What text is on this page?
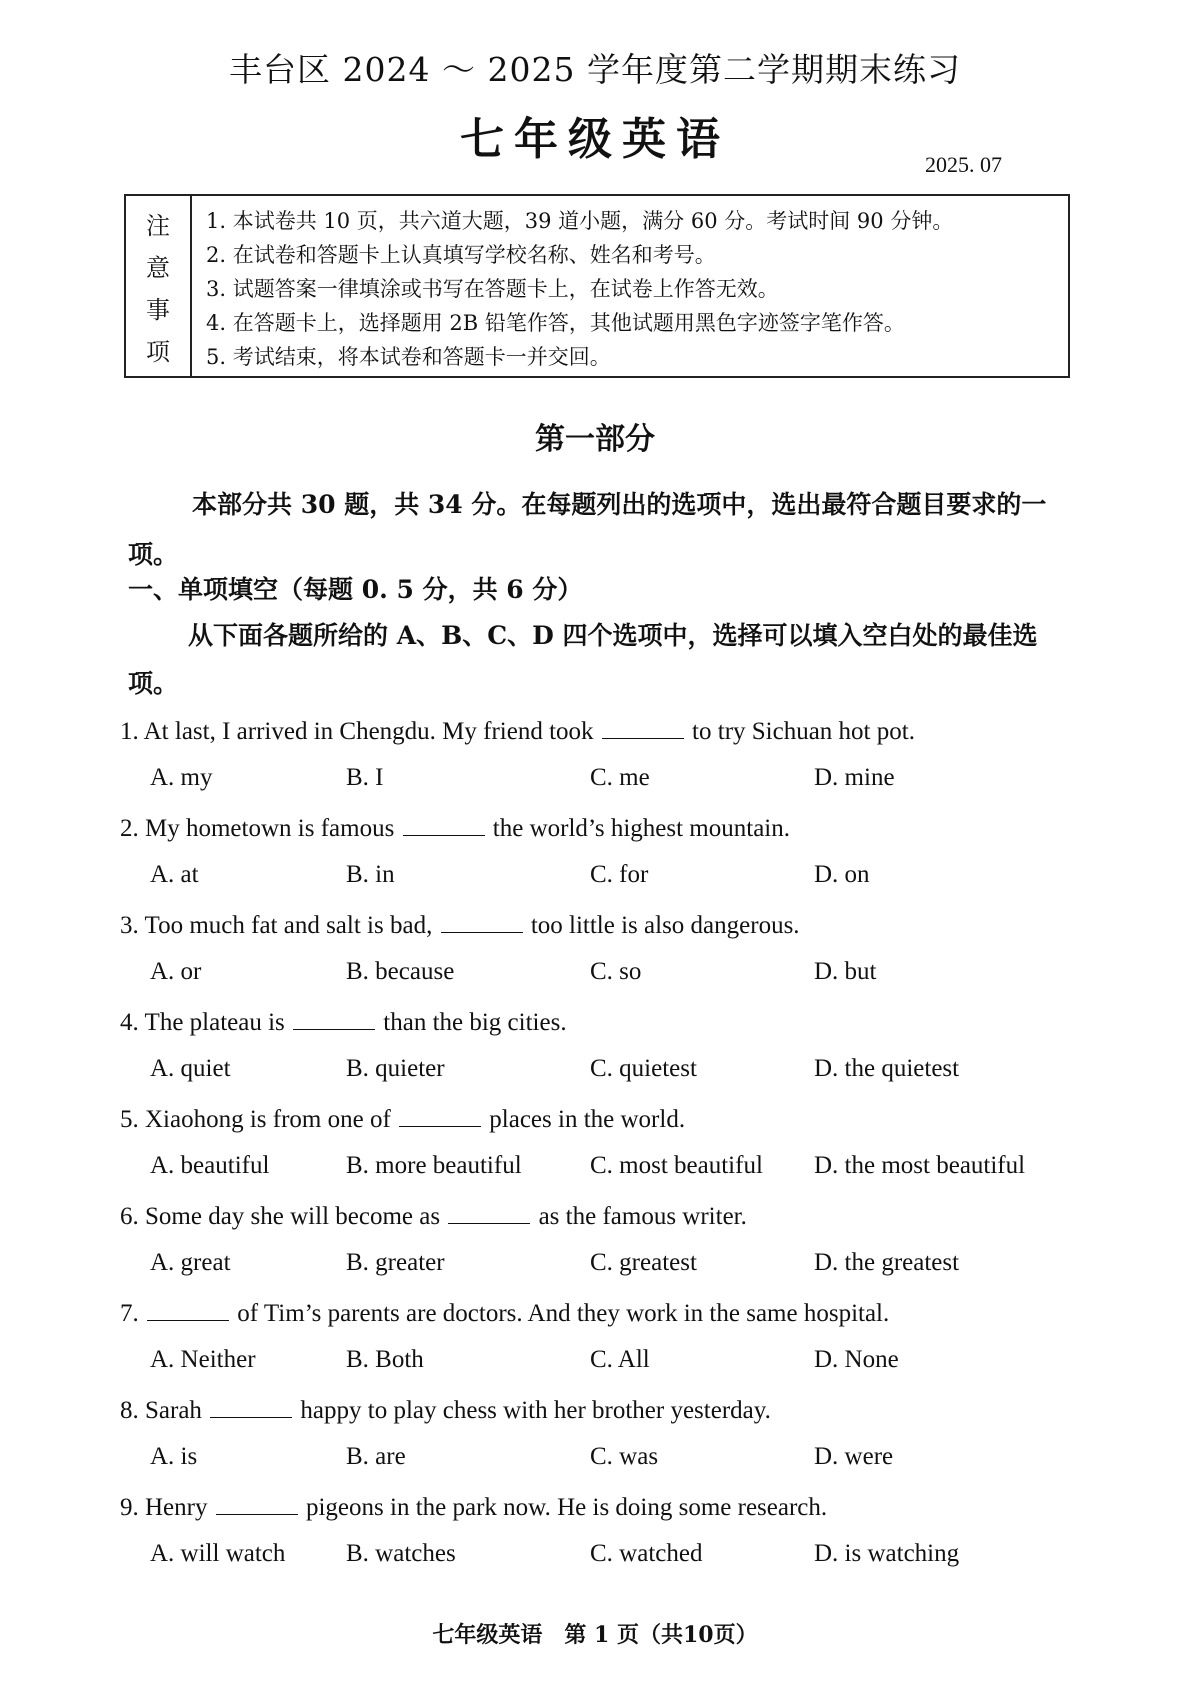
丰台区 2024 ～ 2025 学年度第二学期期末练习
七年级英语	2025. 07
注
意
事
项
1. 本试卷共 10 页，共六道大题，39 道小题，满分 60 分。考试时间 90 分钟。
2. 在试卷和答题卡上认真填写学校名称、姓名和考号。
3. 试题答案一律填涂或书写在答题卡上，在试卷上作答无效。
4. 在答题卡上，选择题用 2B 铅笔作答，其他试题用黑色字迹签字笔作答。
5. 考试结束，将本试卷和答题卡一并交回。
第一部分
本部分共 30 题，共 34 分。在每题列出的选项中，选出最符合题目要求的一项。
一、单项填空（每题 0. 5 分，共 6 分）
从下面各题所给的 A、B、C、D 四个选项中，选择可以填入空白处的最佳选项。
1. At last, I arrived in Chengdu. My friend took	to try Sichuan hot pot.
A. my	B. I	C. me	D. mine
2. My hometown is famous	the world’s highest mountain.
A. at	B. in	C. for	D. on
3. Too much fat and salt is bad,	too little is also dangerous.
A. or	B. because	C. so	D. but
4. The plateau is	than the big cities.
A. quiet	B. quieter	C. quietest	D. the quietest
5. Xiaohong is from one of	places in the world.
A. beautiful	B. more beautiful	C. most beautiful	D. the most beautiful
6. Some day she will become as	as the famous writer.
A. great	B. greater	C. greatest	D. the greatest
7.	of Tim’s parents are doctors. And they work in the same hospital.
A. Neither	B. Both	C. All	D. None
8. Sarah	happy to play chess with her brother yesterday.
A. is	B. are	C. was	D. were
9. Henry	pigeons in the park now. He is doing some research.
A. will watch	B. watches	C. watched	D. is watching
七年级英语　第 1 页（共10页）
